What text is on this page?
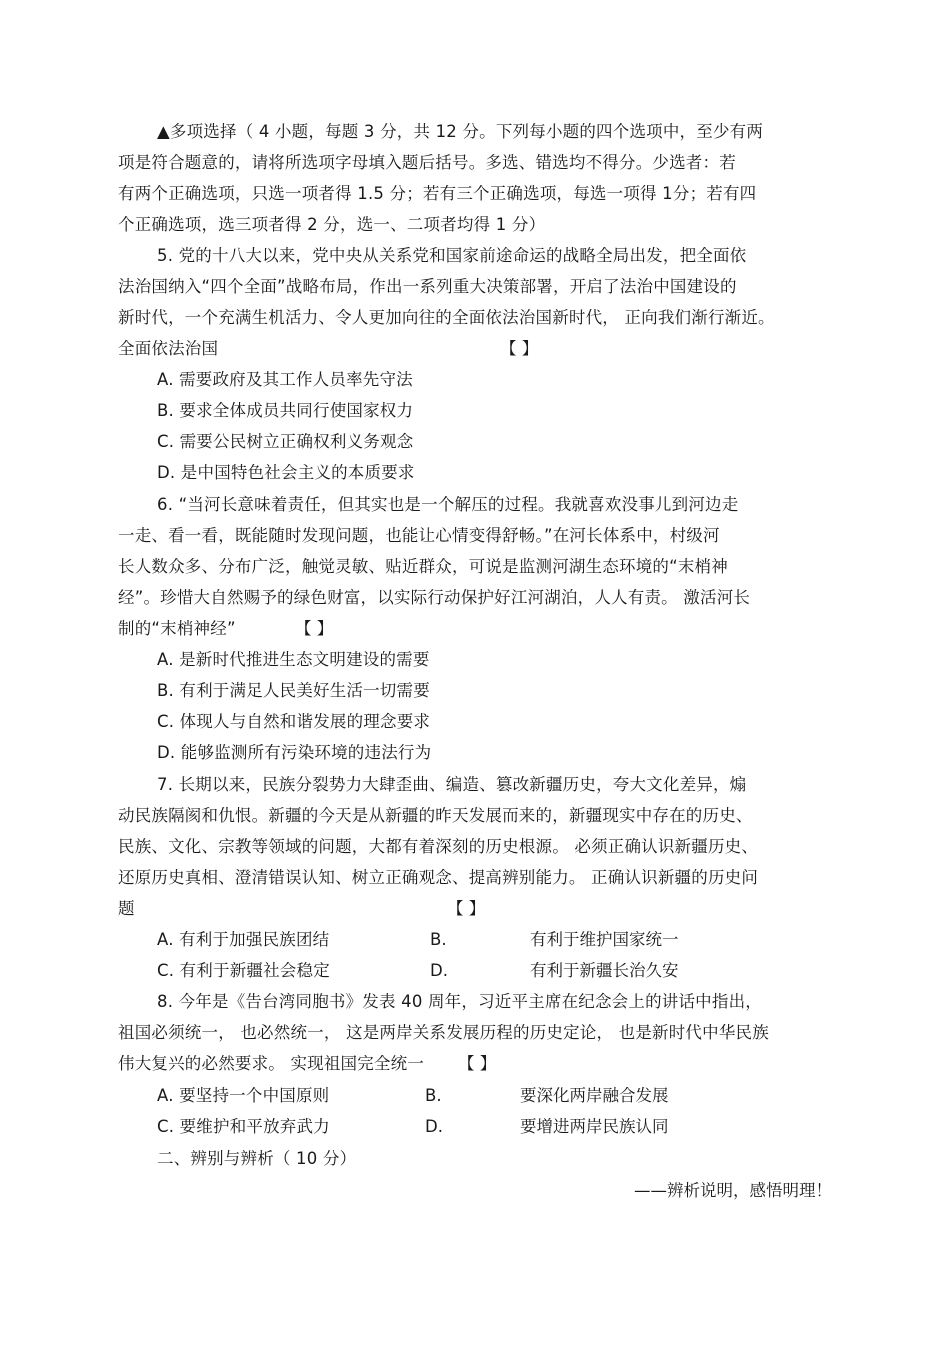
▲多项选择（ 4 小题，每题 3 分，共 12 分。下列每小题的四个选项中，至少有两
项是符合题意的，请将所选项字母填入题后括号。多选、错选均不得分。少选者：若
有两个正确选项，只选一项者得 1.5 分；若有三个正确选项，每选一项得 1分；若有四
个正确选项，选三项者得 2 分，选一、二项者均得 1 分）
5. 党的十八大以来，党中央从关系党和国家前途命运的战略全局出发，把全面依
法治国纳入“四个全面”战略布局，作出一系列重大决策部署，开启了法治中国建设的
新时代，一个充满生机活力、令人更加向往的全面依法治国新时代， 正向我们渐行渐近。
全面依法治国	【 】
A. 需要政府及其工作人员率先守法
B. 要求全体成员共同行使国家权力
C. 需要公民树立正确权利义务观念
D. 是中国特色社会主义的本质要求
6. “当河长意味着责任，但其实也是一个解压的过程。我就喜欢没事儿到河边走
一走、看一看，既能随时发现问题，也能让心情变得舒畅。”在河长体系中，村级河
长人数众多、分布广泛，触觉灵敏、贴近群众，可说是监测河湖生态环境的“末梢神
经”。珍惜大自然赐予的绿色财富，以实际行动保护好江河湖泊，人人有责。 激活河长
制的“末梢神经”	【 】
A. 是新时代推进生态文明建设的需要
B. 有利于满足人民美好生活一切需要
C. 体现人与自然和谐发展的理念要求
D. 能够监测所有污染环境的违法行为
7. 长期以来，民族分裂势力大肆歪曲、编造、篡改新疆历史，夸大文化差异，煽
动民族隔阂和仇恨。新疆的今天是从新疆的昨天发展而来的，新疆现实中存在的历史、
民族、文化、宗教等领域的问题，大都有着深刻的历史根源。 必须正确认识新疆历史、
还原历史真相、澄清错误认知、树立正确观念、提高辨别能力。 正确认识新疆的历史问
题	【 】
A. 有利于加强民族团结	B.	有利于维护国家统一
C. 有利于新疆社会稳定	D.	有利于新疆长治久安
8. 今年是《告台湾同胞书》发表 40 周年，习近平主席在纪念会上的讲话中指出，
祖国必须统一， 也必然统一， 这是两岸关系发展历程的历史定论， 也是新时代中华民族
伟大复兴的必然要求。 实现祖国完全统一 【 】
A. 要坚持一个中国原则	B.	要深化两岸融合发展
C. 要维护和平放弃武力	D.	要增进两岸民族认同
二、辨别与辨析（ 10 分）
——辨析说明，感悟明理！
